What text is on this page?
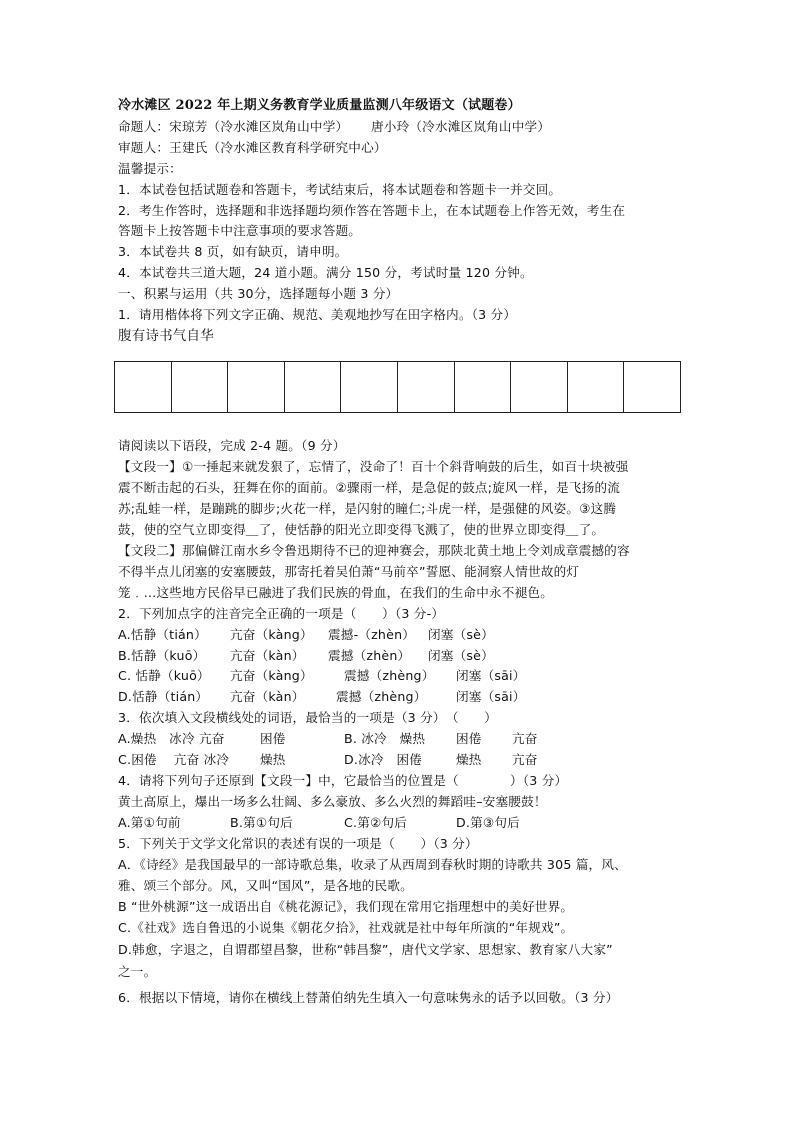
冷水滩区 2022 年上期义务教育学业质量监测八年级语文（试题卷）
命题人：宋琼芳（冷水滩区岚角山中学） 唐小玲（冷水滩区岚角山中学）
审题人：王建氏（冷水滩区教育科学研究中心）
温馨提示：
1．本试卷包括试题卷和答题卡，考试结束后，将本试题卷和答题卡一并交回。
2．考生作答时，选择题和非选择题均须作答在答题卡上，在本试题卷上作答无效，考生在
答题卡上按答题卡中注意事项的要求答题。
3．本试卷共 8 页，如有缺页，请申明。
4．本试卷共三道大题，24 道小题。满分 150 分，考试时量 120 分钟。
一、积累与运用（共 30分，选择题每小题 3 分）
1．请用楷体将下列文字正确、规范、美观地抄写在田字格内。（3 分）
腹有诗书气自华
请阅读以下语段，完成 2-4 题。（9 分）
【文段一】①一捶起来就发狠了，忘情了，没命了！百十个斜背响鼓的后生，如百十块被强
震不断击起的石头，狂舞在你的面前。②骤雨一样，是急促的鼓点;旋风一样，是飞扬的流
苏;乱蛙一样，是蹦跳的脚步;火花一样，是闪射的瞳仁;斗虎一样，是强健的风姿。③这腾
鼓，使的空气立即变得＿了，使恬静的阳光立即变得飞溅了，使的世界立即变得＿了。
【文段二】那偏僻江南水乡令鲁迅期待不已的迎神赛会，那陕北黄土地上令刘成章震撼的容
不得半点儿闭塞的安塞腰鼓，那寄托着吴伯萧“马前卒”誓愿、能洞察人情世故的灯
笼﹒…这些地方民俗早已融进了我们民族的骨血，在我们的生命中永不褪色。
2．下列加点字的注音完全正确的一项是（　　）（3 分-）
A.恬静（tián） 亢奋（kàng） 震撼-（zhèn） 闭塞（sè）
B.恬静（kuō） 亢奋（kàn） 震撼（zhèn） 闭塞（sè）
C. 恬静（kuō） 亢奋（kàng） 震撼（zhèng） 闭塞（sāi）
D.恬静（tián） 亢奋（kàn） 震撼（zhèng） 闭塞（sāi）
3．依次填入文段横线处的词语，最恰当的一项是（3 分）　（　　）
A.燥热　冰冷 亢奋	困倦	B. 冰冷　燥热 困倦 亢奋
C.困倦　 亢奋 冰冷 燥热	D.冰冷　困倦	燥热 亢奋
4．请将下列句子还原到【文段一】中，它最恰当的位置是（　　　　）（3 分）
黄土高原上，爆出一场多么壮阔、多么豪放、多么火烈的舞蹈哇–安塞腰鼓！
A.第①句前	B.第①句后	C.第②句后	D.第③句后
5．下列关于文学文化常识的表述有误的一项是（　　）（3 分）
A．《诗经》是我国最早的一部诗歌总集，收录了从西周到春秋时期的诗歌共 305 篇，风、
雅、颂三个部分。风，又叫“国风”，是各地的民歌。
B “世外桃源”这一成语出自《桃花源记》，我们现在常用它指理想中的美好世界。
C.《社戏》选自鲁迅的小说集《朝花夕拾》，社戏就是社中每年所演的“年规戏”。
D.韩愈，字退之，自谓郡望昌黎，世称“韩昌黎”，唐代文学家、思想家、教育家八大家”
之一。
6．根据以下情境，请你在横线上替萧伯纳先生填入一句意味隽永的话予以回敬。（3 分）
